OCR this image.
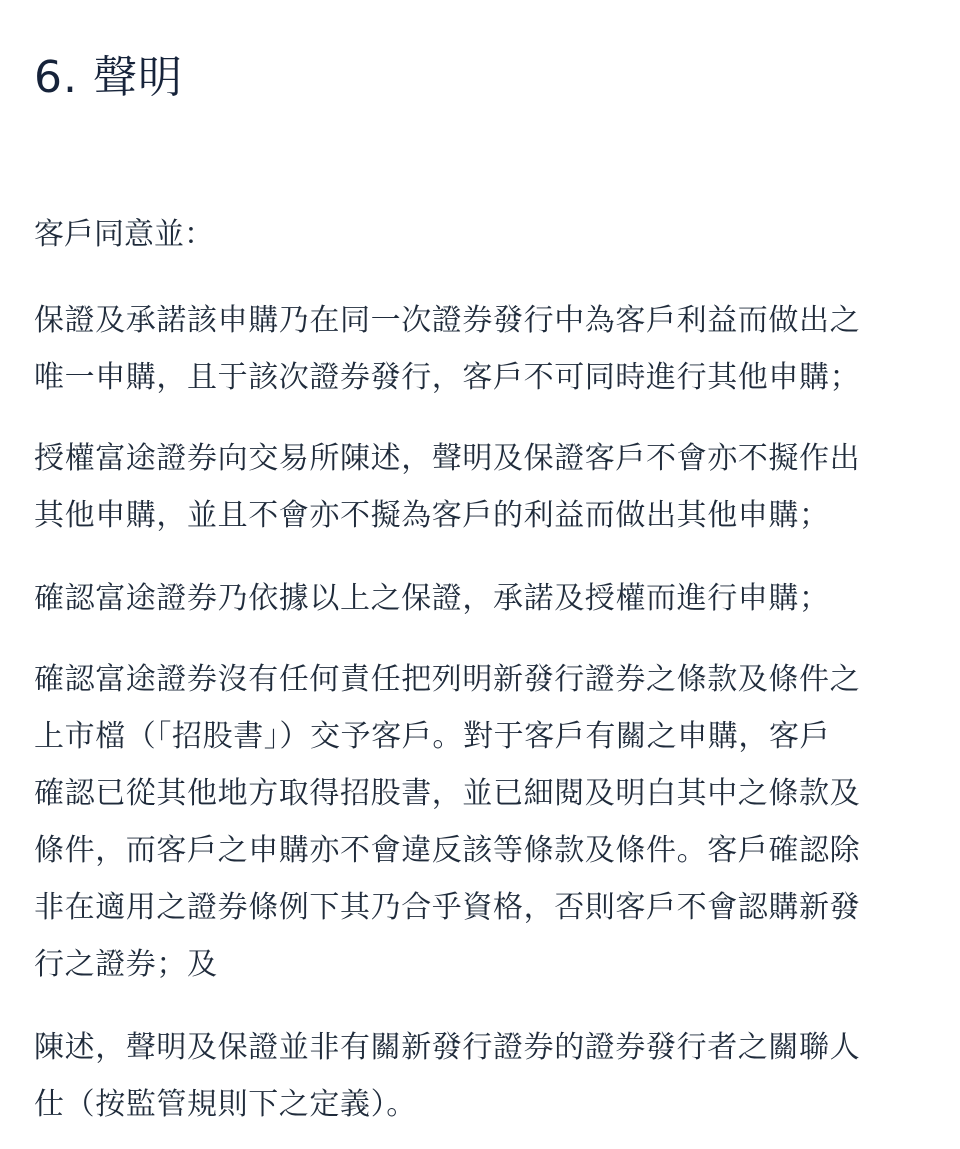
6. 聲明

客戶同意並：

保證及承諾該申購乃在同一次證券發行中為客戶利益而做出之
唯一申購，且于該次證券發行，客戶不可同時進行其他申購；

授權富途證券向交易所陳述，聲明及保證客戶不會亦不擬作出
其他申購，並且不會亦不擬為客戶的利益而做出其他申購；

確認富途證券乃依據以上之保證，承諾及授權而進行申購；

確認富途證券沒有任何責任把列明新發行證券之條款及條件之
上市檔（「招股書」）交予客戶。對于客戶有關之申購，客戶
確認已從其他地方取得招股書，並已細閱及明白其中之條款及
條件，而客戶之申購亦不會違反該等條款及條件。客戶確認除
非在適用之證券條例下其乃合乎資格，否則客戶不會認購新發
行之證券；及

陳述，聲明及保證並非有關新發行證券的證券發行者之關聯人
仕（按監管規則下之定義）。
